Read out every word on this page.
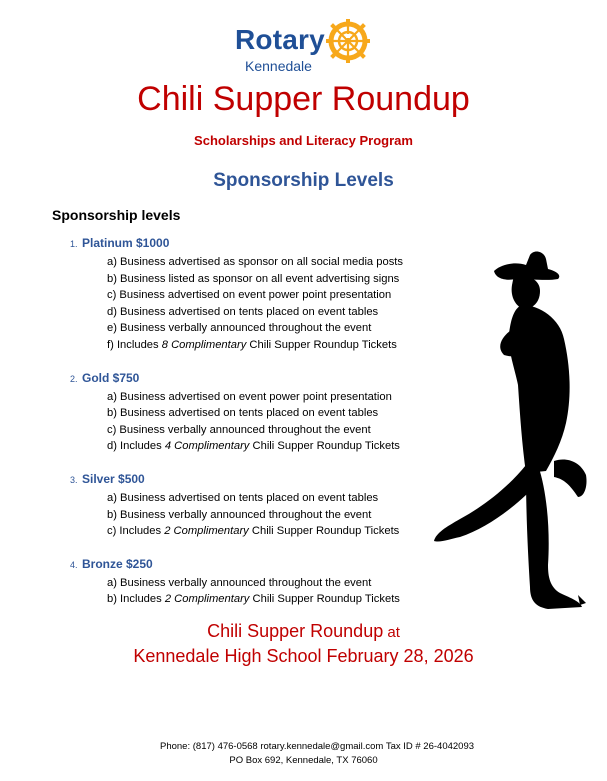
Rotary
Kennedale
Chili Supper Roundup
Scholarships and Literacy Program
Sponsorship Levels
Sponsorship levels
1. Platinum $1000
a) Business advertised as sponsor on all social media posts
b) Business listed as sponsor on all event advertising signs
c) Business advertised on event power point presentation
d) Business advertised on tents placed on event tables
e) Business verbally announced throughout the event
f) Includes 8 Complimentary Chili Supper Roundup Tickets
2. Gold $750
a) Business advertised on event power point presentation
b) Business advertised on tents placed on event tables
c) Business verbally announced throughout the event
d) Includes 4 Complimentary Chili Supper Roundup Tickets
3. Silver $500
a) Business advertised on tents placed on event tables
b) Business verbally announced throughout the event
c) Includes 2 Complimentary Chili Supper Roundup Tickets
4. Bronze $250
a) Business verbally announced throughout the event
b) Includes 2 Complimentary Chili Supper Roundup Tickets
Chili Supper Roundup at
Kennedale High School February 28, 2026
Phone: (817) 476-0568 rotary.kennedale@gmail.com Tax ID # 26-4042093
PO Box 692, Kennedale, TX 76060
